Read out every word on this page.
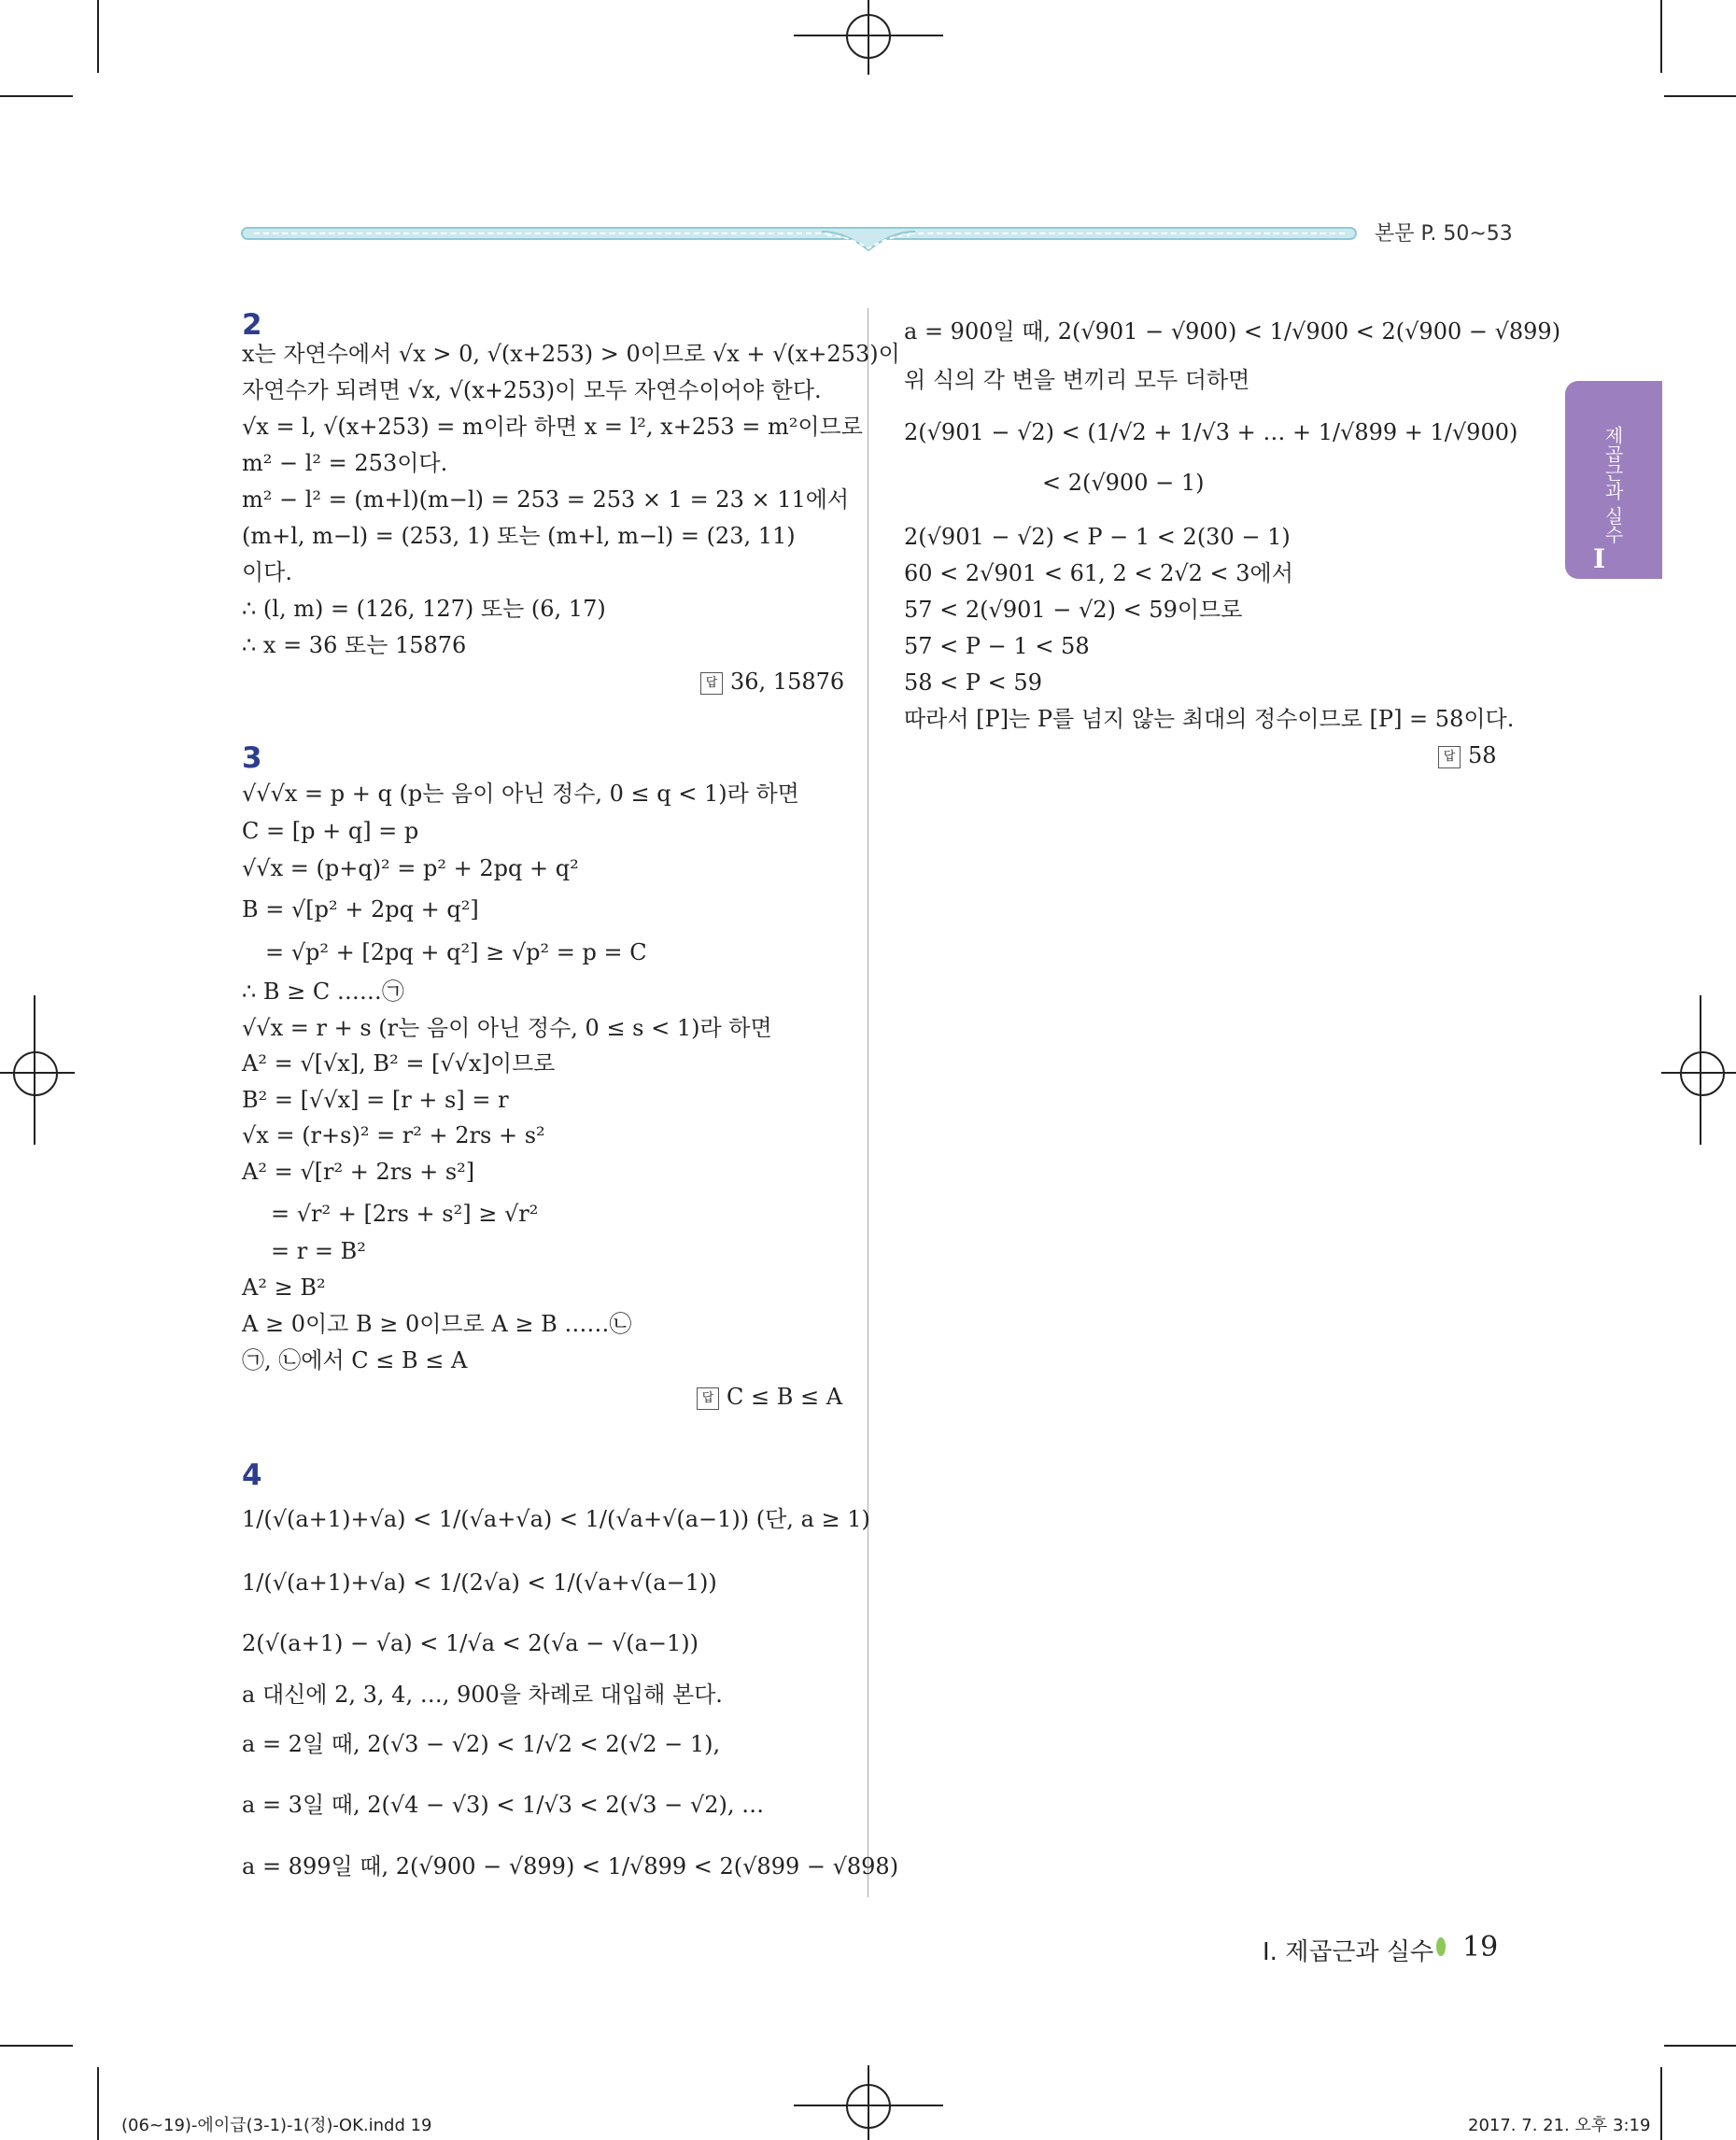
본문 P. 50~53
제곱근과 실수
I
2
x는 자연수에서 √x > 0, √(x+253) > 0이므로 √x + √(x+253)이
자연수가 되려면 √x, √(x+253)이 모두 자연수이어야 한다.
√x = l, √(x+253) = m이라 하면 x = l², x+253 = m²이므로
m² − l² = 253이다.
m² − l² = (m+l)(m−l) = 253 = 253 × 1 = 23 × 11에서
(m+l, m−l) = (253, 1) 또는 (m+l, m−l) = (23, 11)
이다.
∴ (l, m) = (126, 127) 또는 (6, 17)
∴ x = 36 또는 15876
답 36, 15876
3
√√√x = p + q (p는 음이 아닌 정수, 0 ≤ q < 1)라 하면
C = [p + q] = p
√√x = (p+q)² = p² + 2pq + q²
B = √[p² + 2pq + q²]
= √p² + [2pq + q²] ≥ √p² = p = C
∴ B ≥ C ……㉠
√√x = r + s (r는 음이 아닌 정수, 0 ≤ s < 1)라 하면
A² = √[√x], B² = [√√x]이므로
B² = [√√x] = [r + s] = r
√x = (r+s)² = r² + 2rs + s²
A² = √[r² + 2rs + s²]
= √r² + [2rs + s²] ≥ √r²
= r = B²
A² ≥ B²
A ≥ 0이고 B ≥ 0이므로 A ≥ B ……㉡
㉠, ㉡에서 C ≤ B ≤ A
답 C ≤ B ≤ A
4
1/(√(a+1)+√a) < 1/(√a+√a) < 1/(√a+√(a−1)) (단, a ≥ 1)
1/(√(a+1)+√a) < 1/(2√a) < 1/(√a+√(a−1))
2(√(a+1) − √a) < 1/√a < 2(√a − √(a−1))
a 대신에 2, 3, 4, …, 900을 차례로 대입해 본다.
a = 2일 때, 2(√3 − √2) < 1/√2 < 2(√2 − 1),
a = 3일 때, 2(√4 − √3) < 1/√3 < 2(√3 − √2), …
a = 899일 때, 2(√900 − √899) < 1/√899 < 2(√899 − √898)
a = 900일 때, 2(√901 − √900) < 1/√900 < 2(√900 − √899)
위 식의 각 변을 변끼리 모두 더하면
2(√901 − √2) < (1/√2 + 1/√3 + … + 1/√899 + 1/√900)
< 2(√900 − 1)
2(√901 − √2) < P − 1 < 2(30 − 1)
60 < 2√901 < 61, 2 < 2√2 < 3에서
57 < 2(√901 − √2) < 59이므로
57 < P − 1 < 58
58 < P < 59
따라서 [P]는 P를 넘지 않는 최대의 정수이므로 [P] = 58이다.
답 58
I. 제곱근과 실수 19
(06~19)-에이급(3-1)-1(정)-OK.indd 19	2017. 7. 21. 오후 3:19
